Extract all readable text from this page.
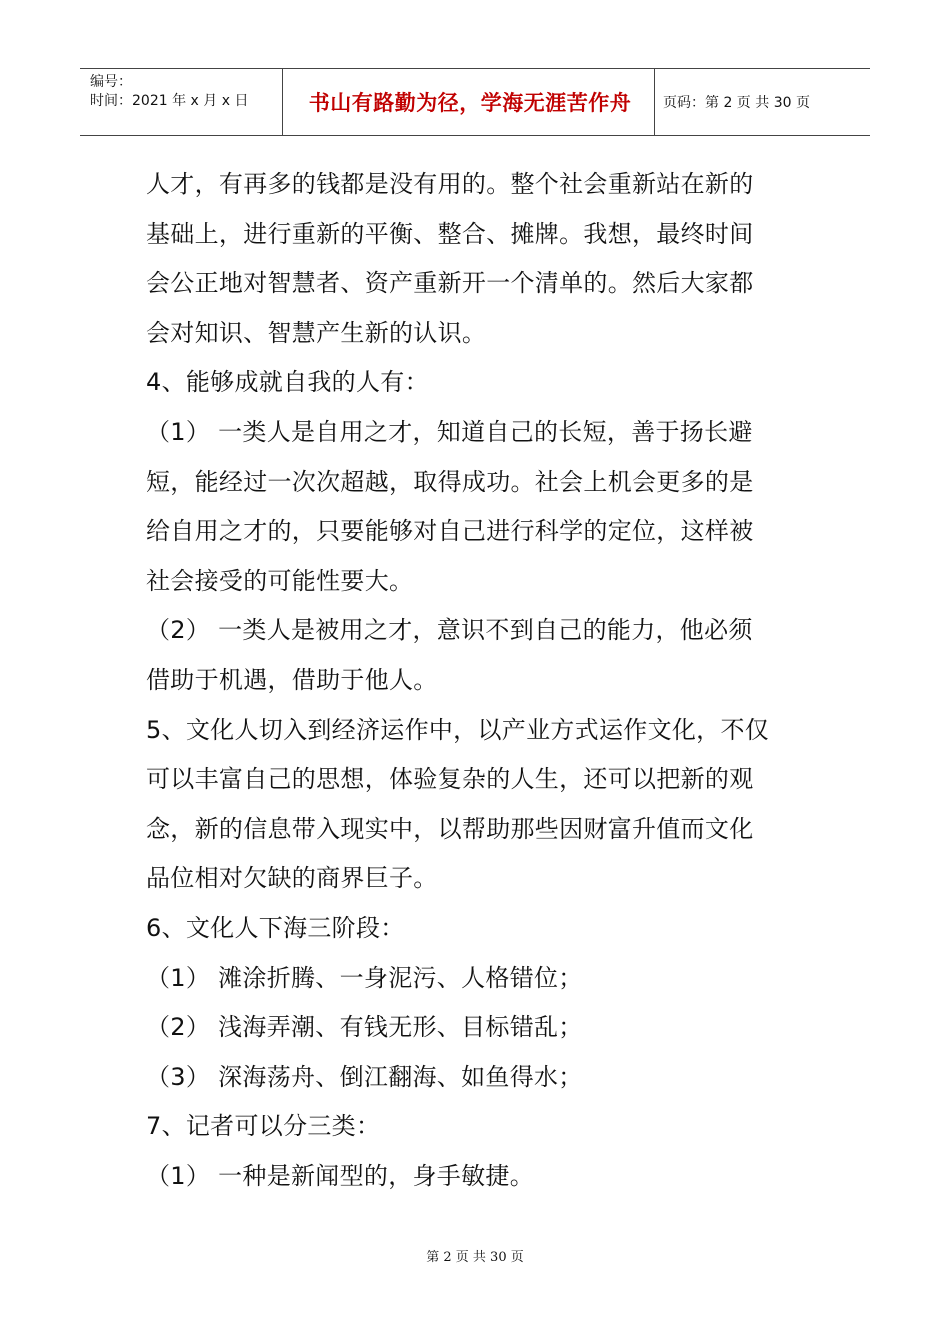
编号：
时间：2021 年 x 月 x 日	书山有路勤为径，学海无涯苦作舟	页码：第 2 页 共 30 页

人才，有再多的钱都是没有用的。整个社会重新站在新的

基础上，进行重新的平衡、整合、摊牌。我想，最终时间

会公正地对智慧者、资产重新开一个清单的。然后大家都

会对知识、智慧产生新的认识。

4、能够成就自我的人有：

（1） 一类人是自用之才，知道自己的长短，善于扬长避

短，能经过一次次超越，取得成功。社会上机会更多的是

给自用之才的，只要能够对自己进行科学的定位，这样被

社会接受的可能性要大。

（2） 一类人是被用之才，意识不到自己的能力，他必须

借助于机遇，借助于他人。

5、文化人切入到经济运作中，以产业方式运作文化，不仅

可以丰富自己的思想，体验复杂的人生，还可以把新的观

念，新的信息带入现实中，以帮助那些因财富升值而文化

品位相对欠缺的商界巨子。

6、文化人下海三阶段：

（1） 滩涂折腾、一身泥污、人格错位；

（2） 浅海弄潮、有钱无形、目标错乱；

（3） 深海荡舟、倒江翻海、如鱼得水；

7、记者可以分三类：

（1） 一种是新闻型的，身手敏捷。

第 2 页 共 30 页
